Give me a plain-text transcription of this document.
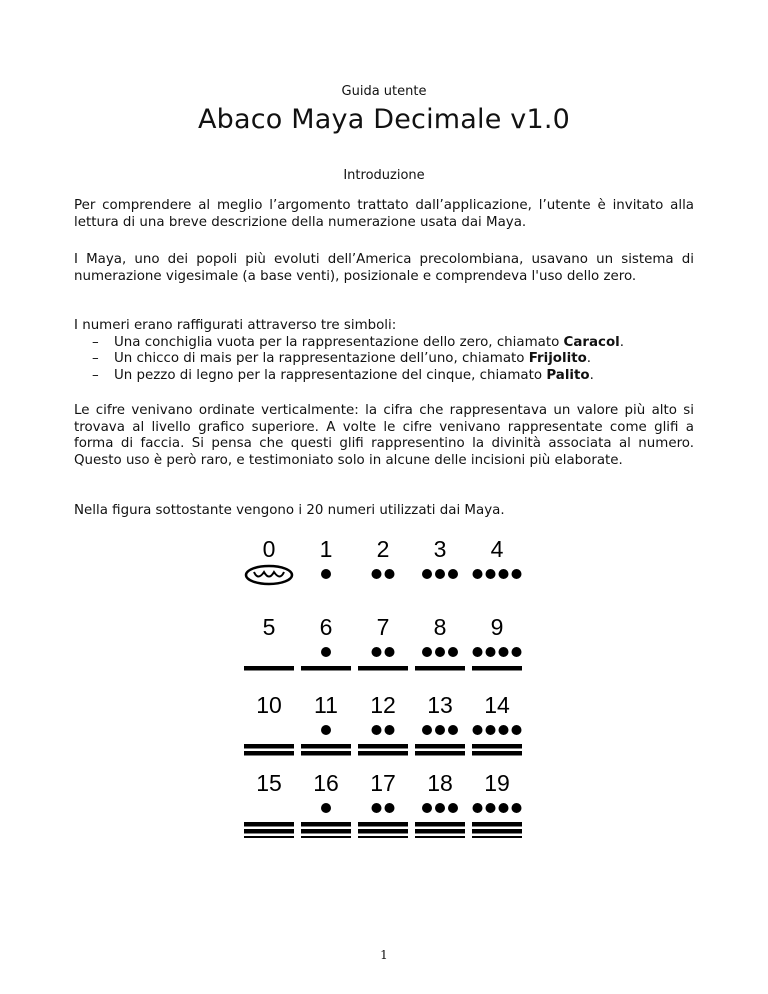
Guida utente
Abaco Maya Decimale v1.0
Introduzione
Per comprendere al meglio l’argomento trattato dall’applicazione, l’utente è invitato alla lettura di una breve descrizione della numerazione usata dai Maya.
I Maya, uno dei popoli più evoluti dell’America precolombiana, usavano un sistema di numerazione vigesimale (a base venti), posizionale e comprendeva l'uso dello zero.
I numeri erano raffigurati attraverso tre simboli:
– Una conchiglia vuota per la rappresentazione dello zero, chiamato Caracol.
– Un chicco di mais per la rappresentazione dell’uno, chiamato Frijolito.
– Un pezzo di legno per la rappresentazione del cinque, chiamato Palito.
Le cifre venivano ordinate verticalmente: la cifra che rappresentava un valore più alto si trovava al livello grafico superiore. A volte le cifre venivano rappresentate come glifi a forma di faccia. Si pensa che questi glifi rappresentino la divinità associata al numero. Questo uso è però raro, e testimoniato solo in alcune delle incisioni più elaborate.
Nella figura sottostante vengono i 20 numeri utilizzati dai Maya.
0 1 2 3 4
5 6 7 8 9
10 11 12 13 14
15 16 17 18 19
1
